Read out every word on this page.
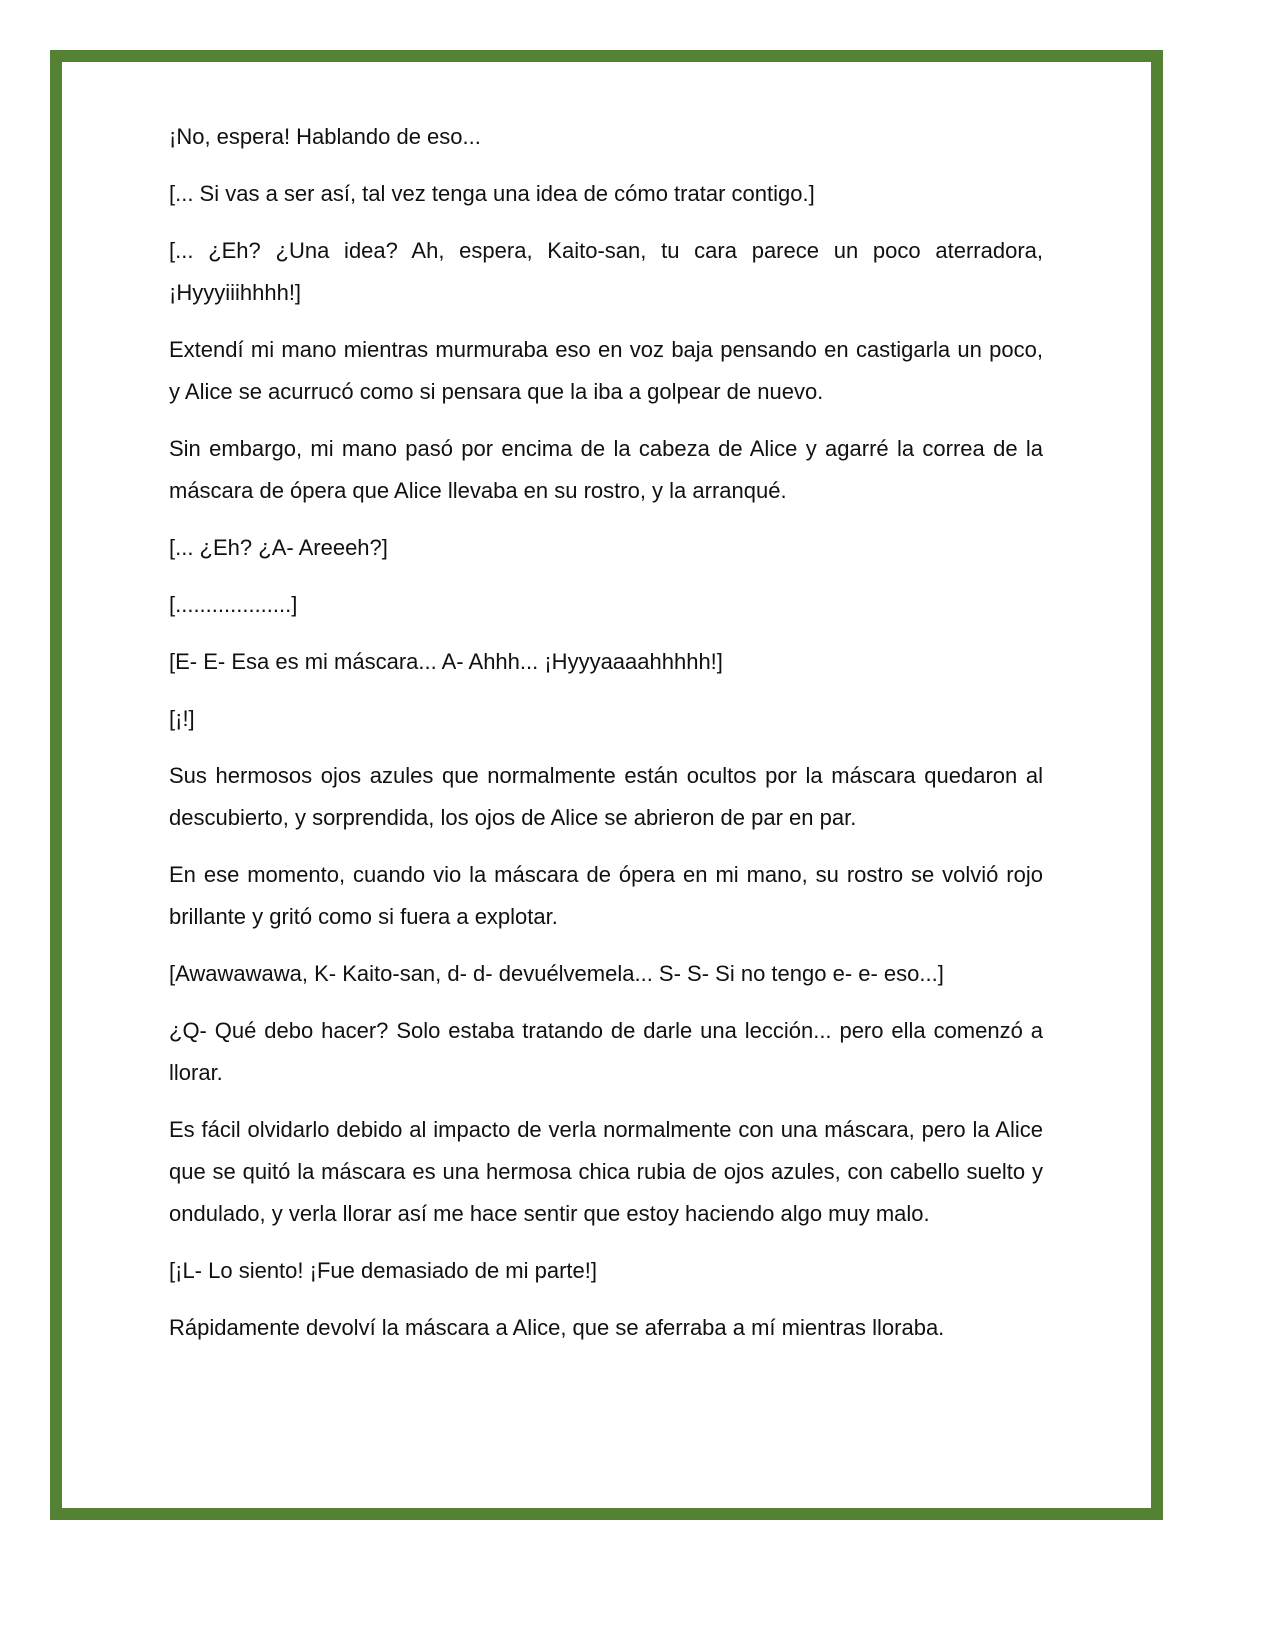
¡No, espera! Hablando de eso...

[... Si vas a ser así, tal vez tenga una idea de cómo tratar contigo.]

[... ¿Eh? ¿Una idea? Ah, espera, Kaito-san, tu cara parece un poco aterradora, ¡Hyyyiiihhhh!]

Extendí mi mano mientras murmuraba eso en voz baja pensando en castigarla un poco, y Alice se acurrucó como si pensara que la iba a golpear de nuevo.

Sin embargo, mi mano pasó por encima de la cabeza de Alice y agarré la correa de la máscara de ópera que Alice llevaba en su rostro, y la arranqué.

[... ¿Eh? ¿A- Areeeh?]

[...................]

[E- E- Esa es mi máscara... A- Ahhh... ¡Hyyyaaaahhhhh!]

[¡!]

Sus hermosos ojos azules que normalmente están ocultos por la máscara quedaron al descubierto, y sorprendida, los ojos de Alice se abrieron de par en par.

En ese momento, cuando vio la máscara de ópera en mi mano, su rostro se volvió rojo brillante y gritó como si fuera a explotar.

[Awawawawa, K- Kaito-san, d- d- devuélvemela... S- S- Si no tengo e- e- eso...]

¿Q- Qué debo hacer? Solo estaba tratando de darle una lección... pero ella comenzó a llorar.

Es fácil olvidarlo debido al impacto de verla normalmente con una máscara, pero la Alice que se quitó la máscara es una hermosa chica rubia de ojos azules, con cabello suelto y ondulado, y verla llorar así me hace sentir que estoy haciendo algo muy malo.

[¡L- Lo siento! ¡Fue demasiado de mi parte!]

Rápidamente devolví la máscara a Alice, que se aferraba a mí mientras lloraba.
